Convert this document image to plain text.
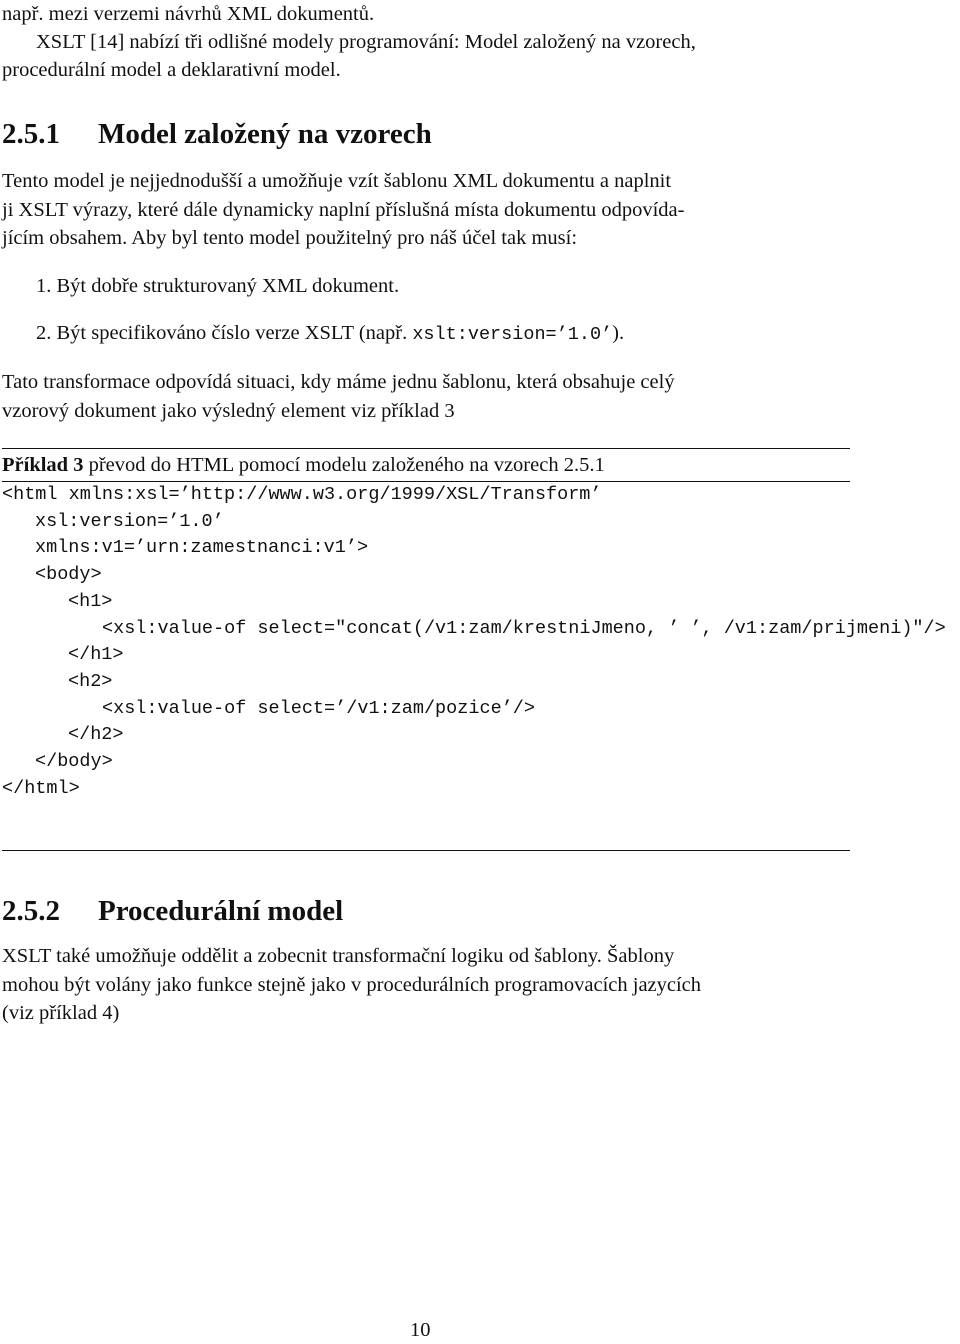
např. mezi verzemi návrhů XML dokumentů.
XSLT [14] nabízí tři odlišné modely programování: Model založený na vzorech,
procedurální model a deklarativní model.
2.5.1 Model založený na vzorech
Tento model je nejjednodušší a umožňuje vzít šablonu XML dokumentu a naplnit
ji XSLT výrazy, které dále dynamicky naplní příslušná místa dokumentu odpovída-
jícím obsahem. Aby byl tento model použitelný pro náš účel tak musí:
1. Být dobře strukturovaný XML dokument.
2. Být specifikováno číslo verze XSLT (např. xslt:version=’1.0’).
Tato transformace odpovídá situaci, kdy máme jednu šablonu, která obsahuje celý
vzorový dokument jako výsledný element viz příklad 3
Příklad 3 převod do HTML pomocí modelu založeného na vzorech 2.5.1
<html xmlns:xsl=’http://www.w3.org/1999/XSL/Transform’
xsl:version=’1.0’
xmlns:v1=’urn:zamestnanci:v1’>
<body>
<h1>
<xsl:value-of select="concat(/v1:zam/krestniJmeno, ’ ’, /v1:zam/prijmeni)"/>
</h1>
<h2>
<xsl:value-of select=’/v1:zam/pozice’/>
</h2>
</body>
</html>
2.5.2 Procedurální model
XSLT také umožňuje oddělit a zobecnit transformační logiku od šablony. Šablony
mohou být volány jako funkce stejně jako v procedurálních programovacích jazycích
(viz příklad 4)
10
